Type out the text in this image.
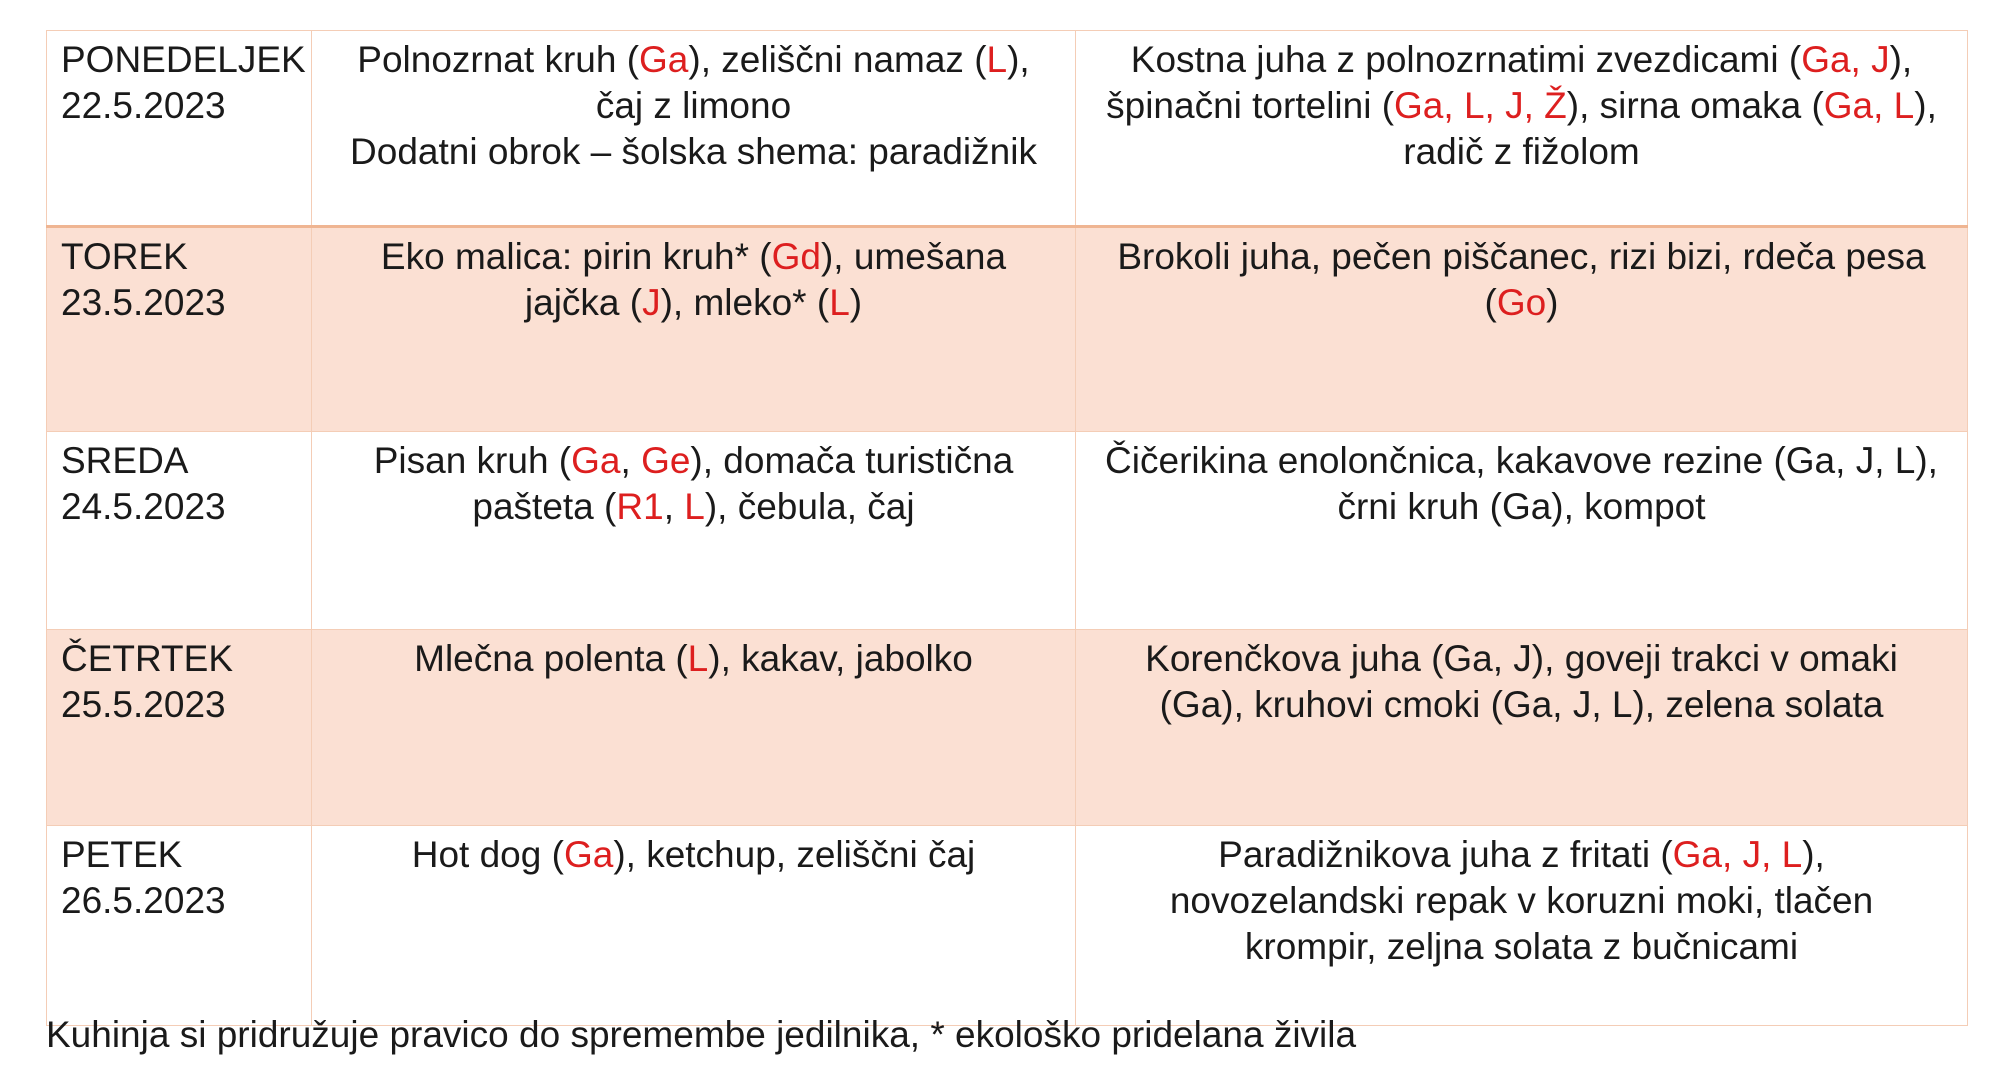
PONEDELJEK
22.5.2023	Polnozrnat kruh (Ga), zeliščni namaz (L),
čaj z limono
Dodatni obrok – šolska shema: paradižnik	Kostna juha z polnozrnatimi zvezdicami (Ga, J),
špinačni tortelini (Ga, L, J, Ž), sirna omaka (Ga, L),
radič z fižolom

TOREK
23.5.2023	Eko malica: pirin kruh* (Gd), umešana
jajčka (J), mleko* (L)	Brokoli juha, pečen piščanec, rizi bizi, rdeča pesa
(Go)

SREDA
24.5.2023	Pisan kruh (Ga, Ge), domača turistična
pašteta (R1, L), čebula, čaj	Čičerikina enolončnica, kakavove rezine (Ga, J, L),
črni kruh (Ga), kompot

ČETRTEK
25.5.2023	Mlečna polenta (L), kakav, jabolko	Korenčkova juha (Ga, J), goveji trakci v omaki
(Ga), kruhovi cmoki (Ga, J, L), zelena solata

PETEK
26.5.2023	Hot dog (Ga), ketchup, zeliščni čaj	Paradižnikova juha z fritati (Ga, J, L),
novozelandski repak v koruzni moki, tlačen
krompir, zeljna solata z bučnicami
Kuhinja si pridružuje pravico do spremembe jedilnika, * ekološko pridelana živila
